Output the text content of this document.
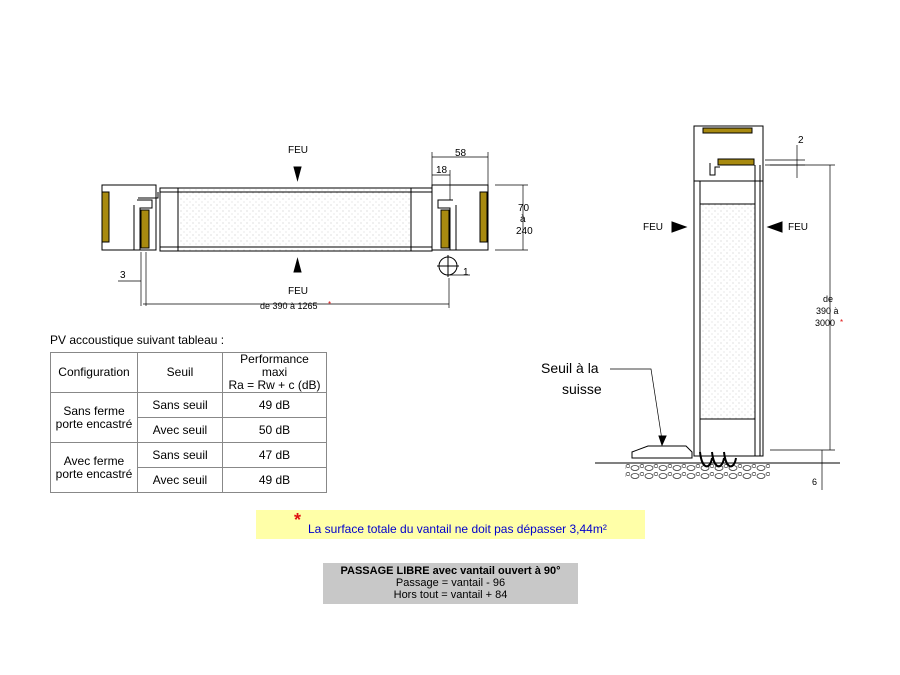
FEU
FEU
58
18
70
à
240
3	1
de 390 à 1265 *
FEU	FEU
2
de
390 à
3000 *
6
Seuil à la
suisse
PV accoustique suivant tableau :
Configuration	Seuil	Performance maxi
Ra = Rw + c (dB)
Sans ferme porte encastré	Sans seuil	49 dB
	Avec seuil	50 dB
Avec ferme porte encastré	Sans seuil	47 dB
	Avec seuil	49 dB
* La surface totale du vantail ne doit pas dépasser 3,44m²
PASSAGE LIBRE avec vantail ouvert à 90°
Passage = vantail - 96
Hors tout = vantail + 84
